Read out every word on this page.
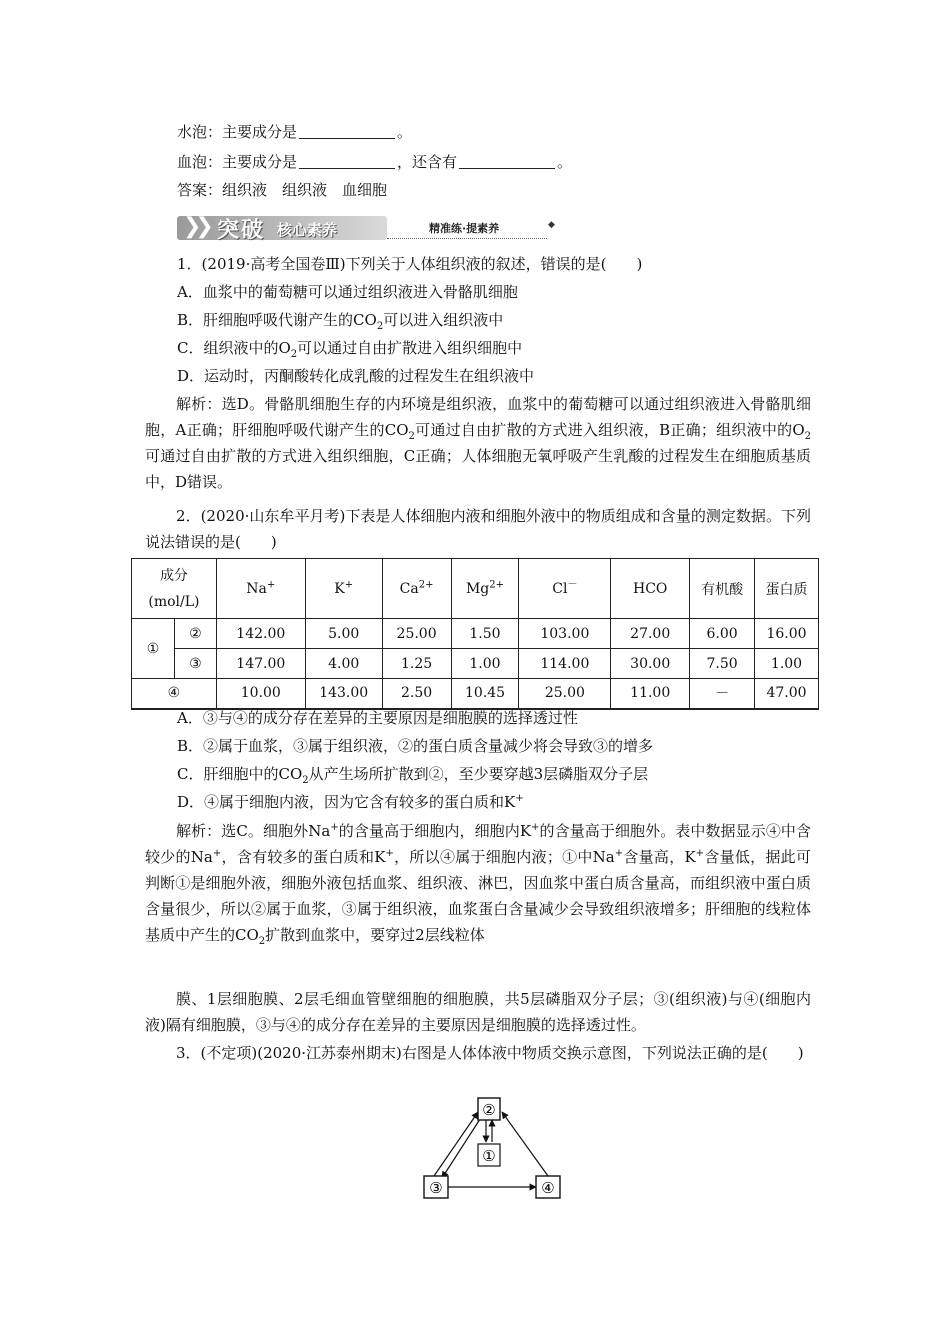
水泡：主要成分是	。
血泡：主要成分是	，还含有	。
答案：组织液　组织液　血细胞
❯❯ 突破 核心素养	精准练·提素养	◆
1．(2019·高考全国卷Ⅲ)下列关于人体组织液的叙述，错误的是(　　)
A．血浆中的葡萄糖可以通过组织液进入骨骼肌细胞
B．肝细胞呼吸代谢产生的$CO_2$可以进入组织液中
C．组织液中的$O_2$可以通过自由扩散进入组织细胞中
D．运动时，丙酮酸转化成乳酸的过程发生在组织液中
解析：选D。骨骼肌细胞生存的内环境是组织液，血浆中的葡萄糖可以通过组织液进入骨骼肌细胞，A正确；肝细胞呼吸代谢产生的$CO_2$可通过自由扩散的方式进入组织液，B正确；组织液中的$O_2$可通过自由扩散的方式进入组织细胞，C正确；人体细胞无氧呼吸产生乳酸的过程发生在细胞质基质中，D错误。
2．(2020·山东牟平月考)下表是人体细胞内液和细胞外液中的物质组成和含量的测定数据。下列说法错误的是(　　)
成分
(mol/L)		Na+	K+	$Ca^{2+}$	$Mg^{2+}$	Cl－	HCO	有机酸	蛋白质
①	②	142.00	5.00	25.00	1.50	103.00	27.00	6.00	16.00
	③	147.00	4.00	1.25	1.00	114.00	30.00	7.50	1.00
④		10.00	143.00	2.50	10.45	25.00	11.00	－	47.00
A．③与④的成分存在差异的主要原因是细胞膜的选择透过性
B．②属于血浆，③属于组织液，②的蛋白质含量减少将会导致③的增多
C．肝细胞中的$CO_2$从产生场所扩散到②，至少要穿越3层磷脂双分子层
D．④属于细胞内液，因为它含有较多的蛋白质和K+
解析：选C。细胞外Na+的含量高于细胞内，细胞内K+的含量高于细胞外。表中数据显示④中含较少的Na+，含有较多的蛋白质和K+，所以④属于细胞内液；①中Na+含量高，K+含量低，据此可判断①是细胞外液，细胞外液包括血浆、组织液、淋巴，因血浆中蛋白质含量高，而组织液中蛋白质含量很少，所以②属于血浆，③属于组织液，血浆蛋白含量减少会导致组织液增多；肝细胞的线粒体基质中产生的$CO_2$扩散到血浆中，要穿过2层线粒体
膜、1层细胞膜、2层毛细血管壁细胞的细胞膜，共5层磷脂双分子层；③(组织液)与④(细胞内液)隔有细胞膜，③与④的成分存在差异的主要原因是细胞膜的选择透过性。
3．(不定项)(2020·江苏泰州期末)右图是人体体液中物质交换示意图，下列说法正确的是(　　)
②
①
③	④
